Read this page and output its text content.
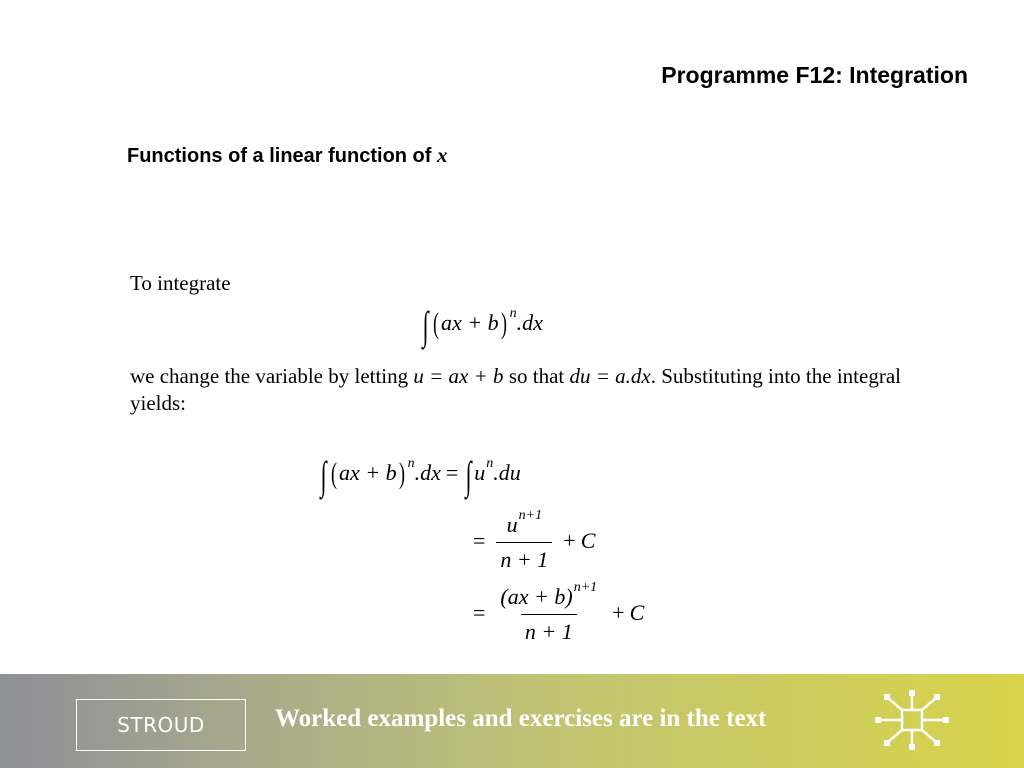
Programme F12: Integration
Functions of a linear function of x
To integrate
∫ (ax + b) $^n$.dx
we change the variable by letting u = ax + b so that du = a.dx. Substituting into the integral yields:
∫ (ax + b) $^n$.dx = ∫ $u^n.du$
= $\frac{u^{n+1}}{n + 1} + C$
= $\frac{(ax + b)^{n+1}}{n + 1} + C$
STROUD	Worked examples and exercises are in the text
